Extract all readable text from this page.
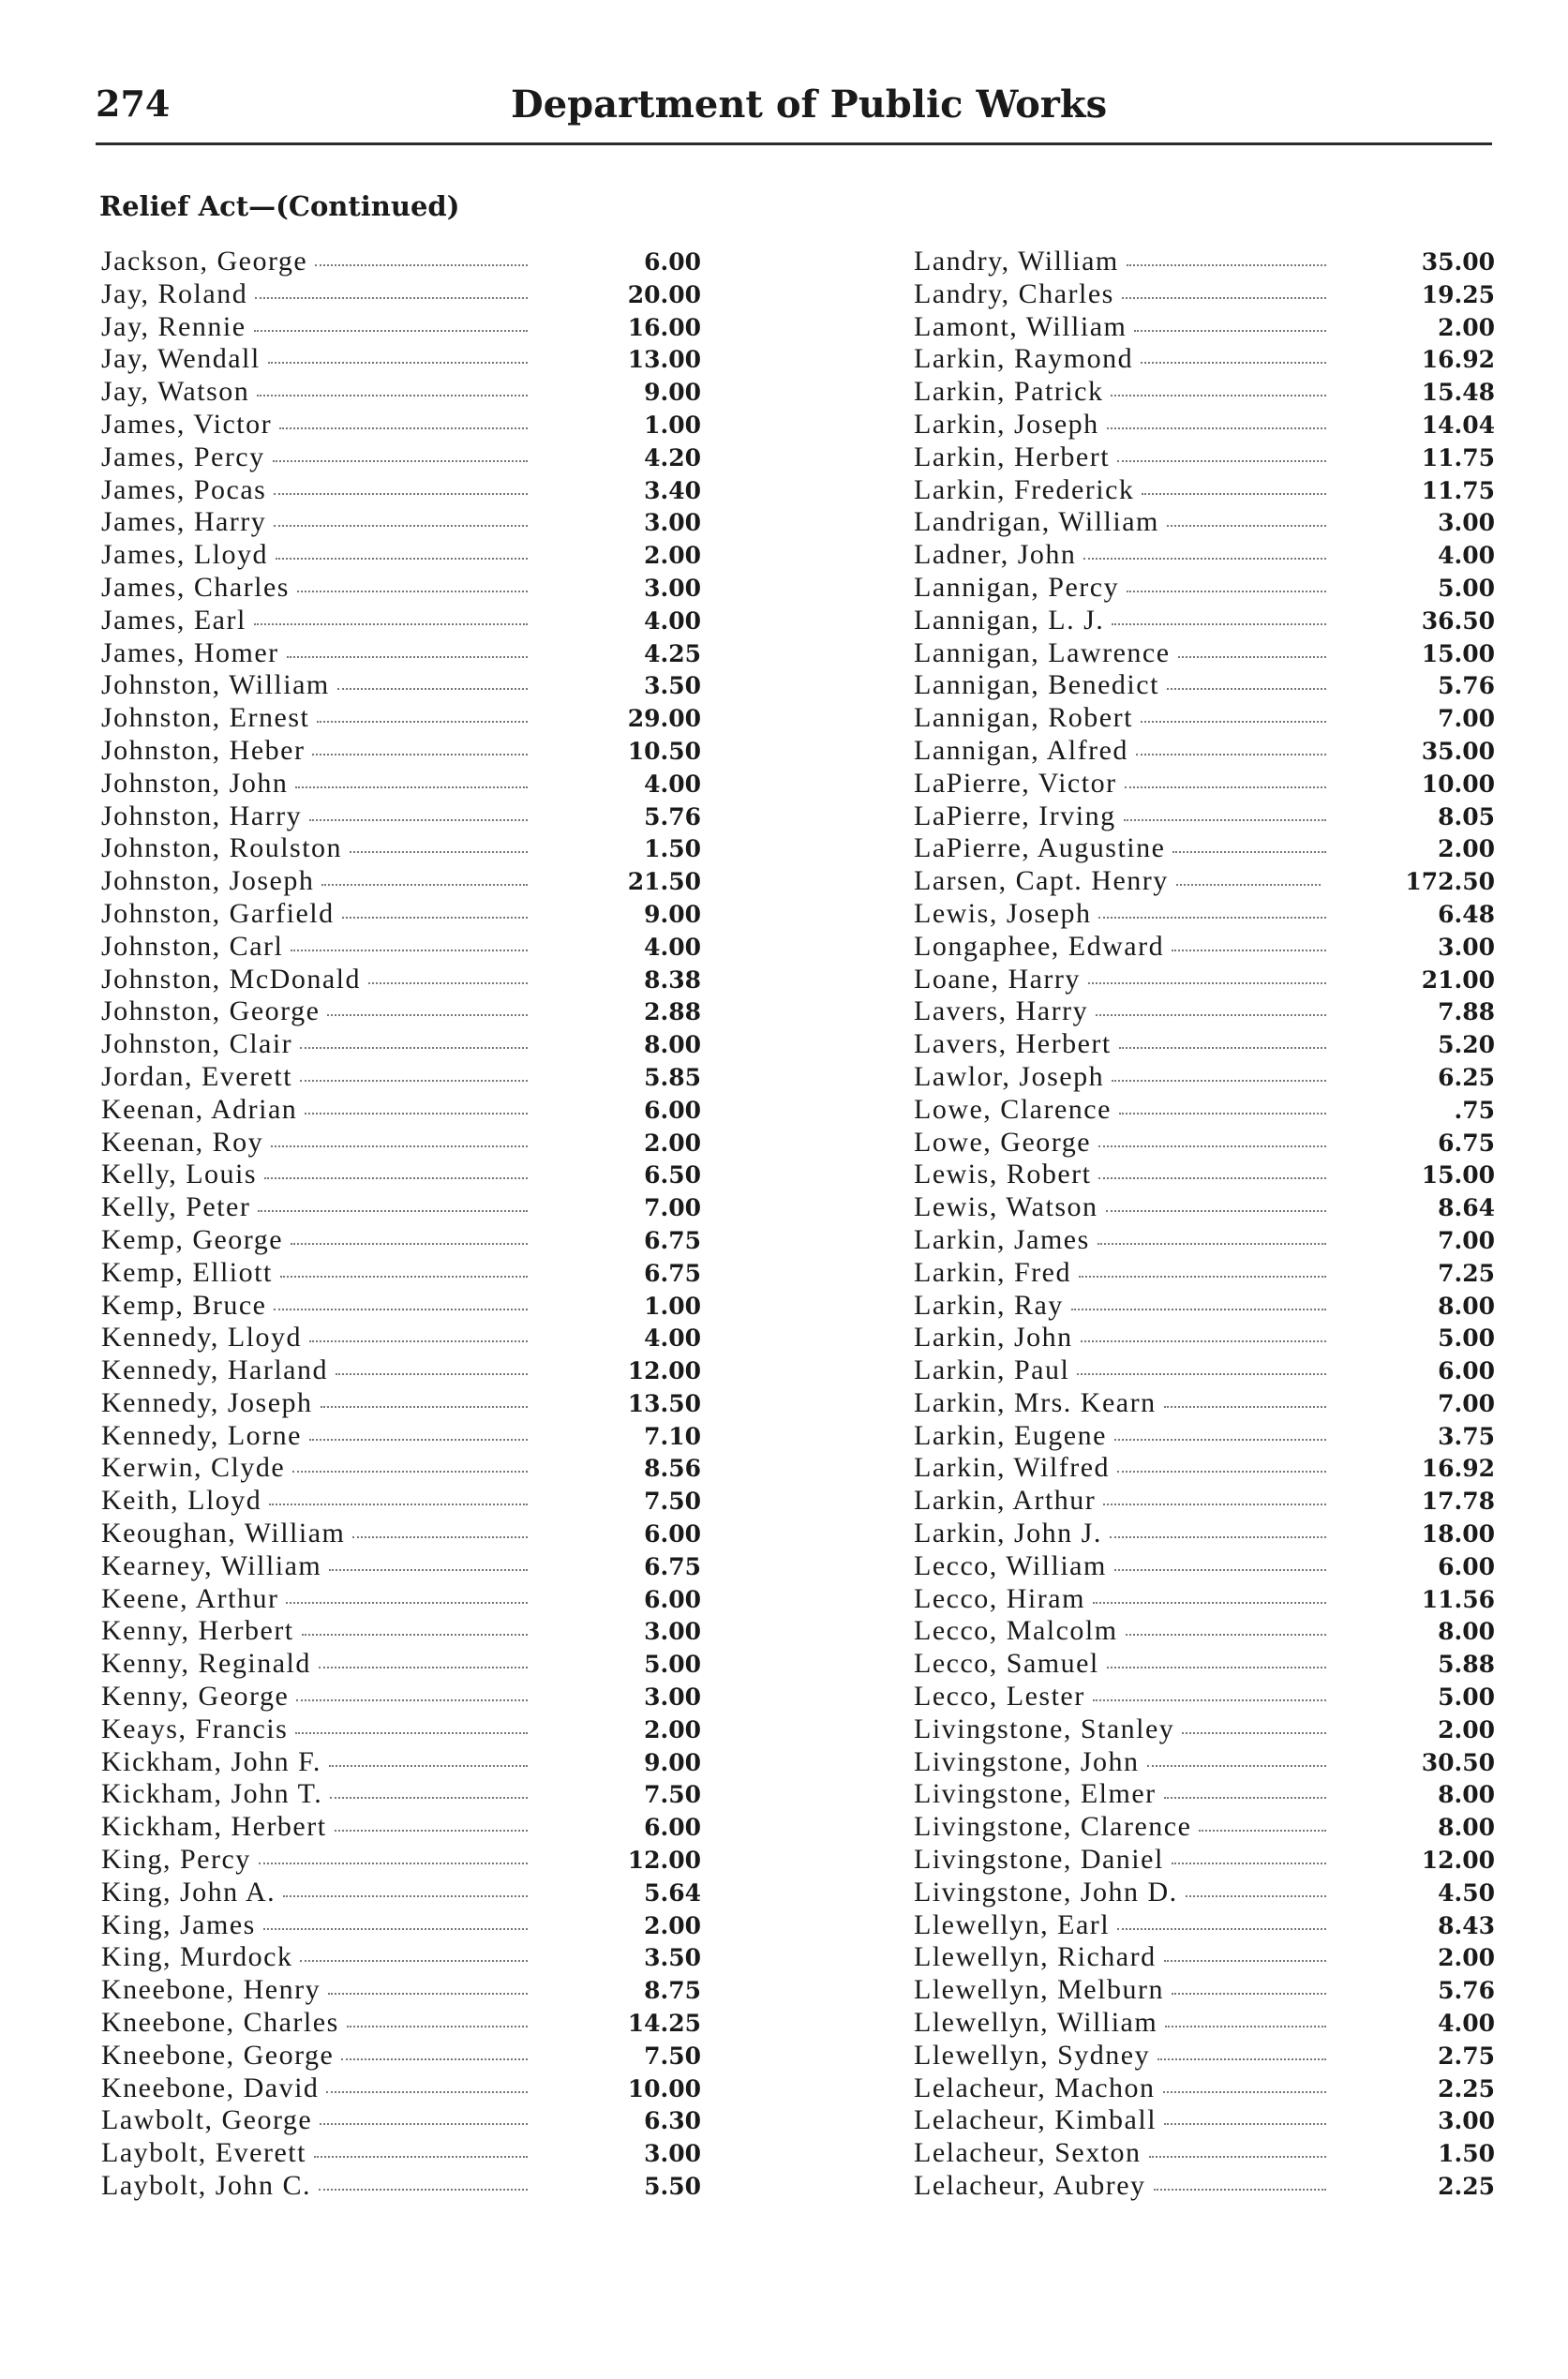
274	Department of Public Works
Relief Act—(Continued)
Jackson, George	6.00
Jay, Roland	20.00
Jay, Rennie	16.00
Jay, Wendall	13.00
Jay, Watson	9.00
James, Victor	1.00
James, Percy	4.20
James, Pocas	3.40
James, Harry	3.00
James, Lloyd	2.00
James, Charles	3.00
James, Earl	4.00
James, Homer	4.25
Johnston, William	3.50
Johnston, Ernest	29.00
Johnston, Heber	10.50
Johnston, John	4.00
Johnston, Harry	5.76
Johnston, Roulston	1.50
Johnston, Joseph	21.50
Johnston, Garfield	9.00
Johnston, Carl	4.00
Johnston, McDonald	8.38
Johnston, George	2.88
Johnston, Clair	8.00
Jordan, Everett	5.85
Keenan, Adrian	6.00
Keenan, Roy	2.00
Kelly, Louis	6.50
Kelly, Peter	7.00
Kemp, George	6.75
Kemp, Elliott	6.75
Kemp, Bruce	1.00
Kennedy, Lloyd	4.00
Kennedy, Harland	12.00
Kennedy, Joseph	13.50
Kennedy, Lorne	7.10
Kerwin, Clyde	8.56
Keith, Lloyd	7.50
Keoughan, William	6.00
Kearney, William	6.75
Keene, Arthur	6.00
Kenny, Herbert	3.00
Kenny, Reginald	5.00
Kenny, George	3.00
Keays, Francis	2.00
Kickham, John F.	9.00
Kickham, John T.	7.50
Kickham, Herbert	6.00
King, Percy	12.00
King, John A.	5.64
King, James	2.00
King, Murdock	3.50
Kneebone, Henry	8.75
Kneebone, Charles	14.25
Kneebone, George	7.50
Kneebone, David	10.00
Lawbolt, George	6.30
Laybolt, Everett	3.00
Laybolt, John C.	5.50
Landry, William	35.00
Landry, Charles	19.25
Lamont, William	2.00
Larkin, Raymond	16.92
Larkin, Patrick	15.48
Larkin, Joseph	14.04
Larkin, Herbert	11.75
Larkin, Frederick	11.75
Landrigan, William	3.00
Ladner, John	4.00
Lannigan, Percy	5.00
Lannigan, L. J.	36.50
Lannigan, Lawrence	15.00
Lannigan, Benedict	5.76
Lannigan, Robert	7.00
Lannigan, Alfred	35.00
LaPierre, Victor	10.00
LaPierre, Irving	8.05
LaPierre, Augustine	2.00
Larsen, Capt. Henry	172.50
Lewis, Joseph	6.48
Longaphee, Edward	3.00
Loane, Harry	21.00
Lavers, Harry	7.88
Lavers, Herbert	5.20
Lawlor, Joseph	6.25
Lowe, Clarence	.75
Lowe, George	6.75
Lewis, Robert	15.00
Lewis, Watson	8.64
Larkin, James	7.00
Larkin, Fred	7.25
Larkin, Ray	8.00
Larkin, John	5.00
Larkin, Paul	6.00
Larkin, Mrs. Kearn	7.00
Larkin, Eugene	3.75
Larkin, Wilfred	16.92
Larkin, Arthur	17.78
Larkin, John J.	18.00
Lecco, William	6.00
Lecco, Hiram	11.56
Lecco, Malcolm	8.00
Lecco, Samuel	5.88
Lecco, Lester	5.00
Livingstone, Stanley	2.00
Livingstone, John	30.50
Livingstone, Elmer	8.00
Livingstone, Clarence	8.00
Livingstone, Daniel	12.00
Livingstone, John D.	4.50
Llewellyn, Earl	8.43
Llewellyn, Richard	2.00
Llewellyn, Melburn	5.76
Llewellyn, William	4.00
Llewellyn, Sydney	2.75
Lelacheur, Machon	2.25
Lelacheur, Kimball	3.00
Lelacheur, Sexton	1.50
Lelacheur, Aubrey	2.25
